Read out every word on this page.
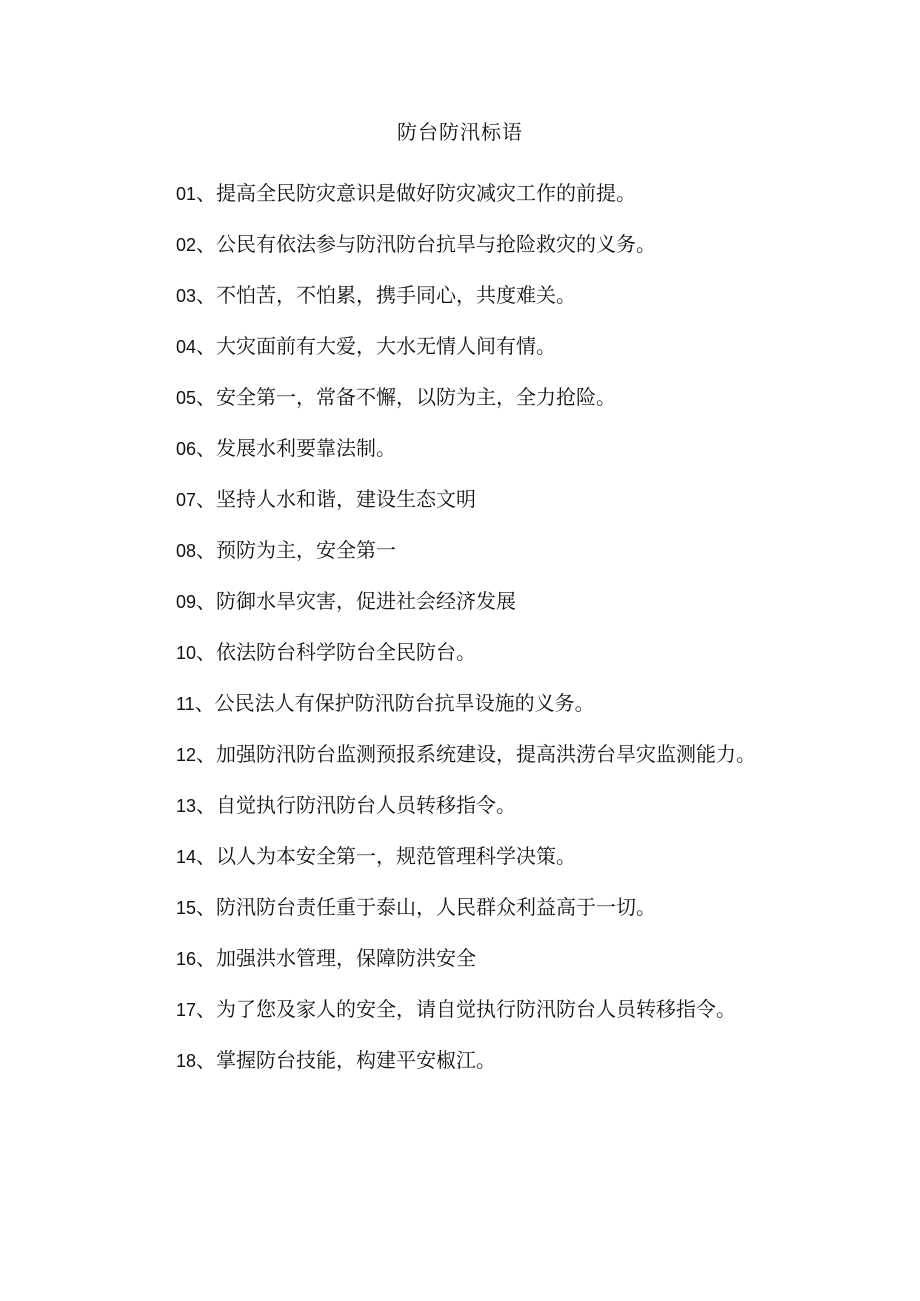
防台防汛标语
01、提高全民防灾意识是做好防灾减灾工作的前提。
02、公民有依法参与防汛防台抗旱与抢险救灾的义务。
03、不怕苦，不怕累，携手同心，共度难关。
04、大灾面前有大爱，大水无情人间有情。
05、安全第一，常备不懈，以防为主，全力抢险。
06、发展水利要靠法制。
07、坚持人水和谐，建设生态文明
08、预防为主，安全第一
09、防御水旱灾害，促进社会经济发展
10、依法防台科学防台全民防台。
11、公民法人有保护防汛防台抗旱设施的义务。
12、加强防汛防台监测预报系统建设，提高洪涝台旱灾监测能力。
13、自觉执行防汛防台人员转移指令。
14、以人为本安全第一，规范管理科学决策。
15、防汛防台责任重于泰山，人民群众利益高于一切。
16、加强洪水管理，保障防洪安全
17、为了您及家人的安全，请自觉执行防汛防台人员转移指令。
18、掌握防台技能，构建平安椒江。
